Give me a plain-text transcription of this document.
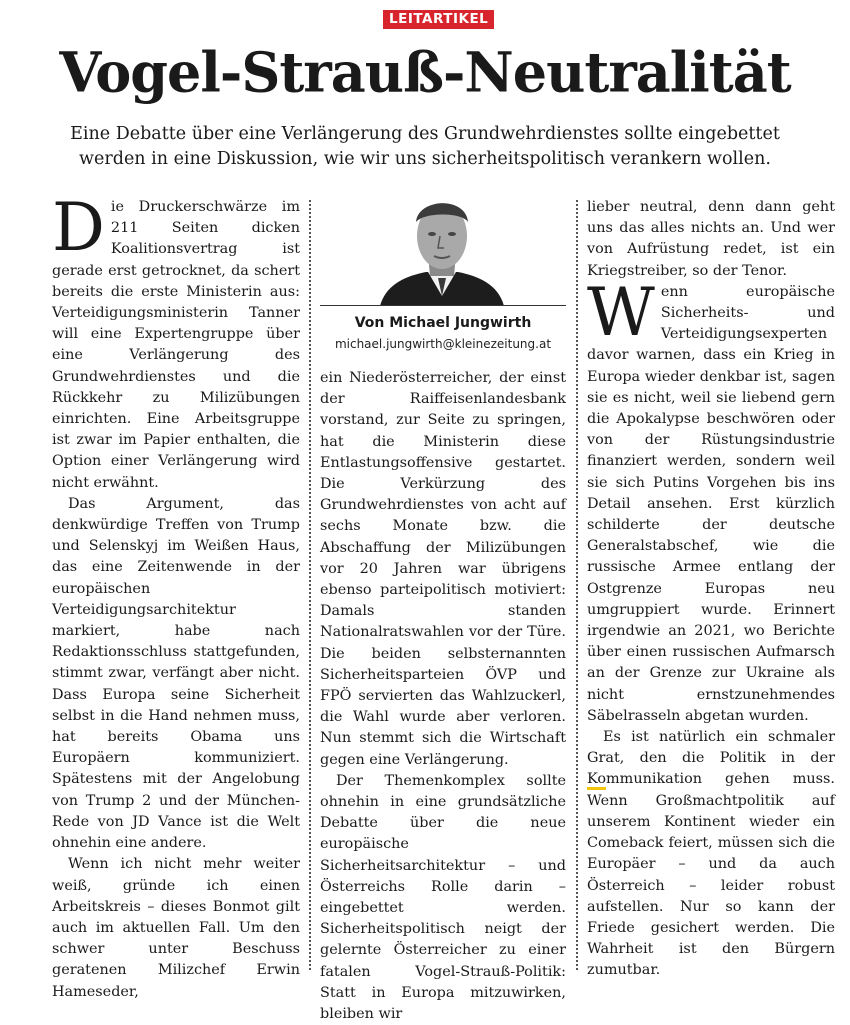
LEITARTIKEL
Vogel-Strauß-Neutralität

Eine Debatte über eine Verlängerung des Grundwehrdienstes sollte eingebettet werden in eine Diskussion, wie wir uns sicherheitspolitisch verankern wollen.

Die Druckerschwärze im 211 Seiten dicken Koalitionsvertrag ist gerade erst getrocknet, da schert bereits die erste Ministerin aus: Verteidigungsministerin Tanner will eine Expertengruppe über eine Verlängerung des Grundwehrdienstes und die Rückkehr zu Milizübungen einrichten. Eine Arbeitsgruppe ist zwar im Papier enthalten, die Option einer Verlängerung wird nicht erwähnt.

Das Argument, das denkwürdige Treffen von Trump und Selenskyj im Weißen Haus, das eine Zeitenwende in der europäischen Verteidigungsarchitektur markiert, habe nach Redaktionsschluss stattgefunden, stimmt zwar, verfängt aber nicht. Dass Europa seine Sicherheit selbst in die Hand nehmen muss, hat bereits Obama uns Europäern kommuniziert. Spätestens mit der Angelobung von Trump 2 und der München-Rede von JD Vance ist die Welt ohnehin eine andere.

Wenn ich nicht mehr weiter weiß, gründe ich einen Arbeitskreis – dieses Bonmot gilt auch im aktuellen Fall. Um den schwer unter Beschuss geratenen Milizchef Erwin Hameseder,

Von Michael Jungwirth
michael.jungwirth@kleinezeitung.at

ein Niederösterreicher, der einst der Raiffeisenlandesbank vorstand, zur Seite zu springen, hat die Ministerin diese Entlastungsoffensive gestartet. Die Verkürzung des Grundwehrdienstes von acht auf sechs Monate bzw. die Abschaffung der Milizübungen vor 20 Jahren war übrigens ebenso parteipolitisch motiviert: Damals standen Nationalratswahlen vor der Türe. Die beiden selbsternannten Sicherheitsparteien ÖVP und FPÖ servierten das Wahlzuckerl, die Wahl wurde aber verloren. Nun stemmt sich die Wirtschaft gegen eine Verlängerung.

Der Themenkomplex sollte ohnehin in eine grundsätzliche Debatte über die neue europäische Sicherheitsarchitektur – und Österreichs Rolle darin – eingebettet werden. Sicherheitspolitisch neigt der gelernte Österreicher zu einer fatalen Vogel-Strauß-Politik: Statt in Europa mitzuwirken, bleiben wir

lieber neutral, denn dann geht uns das alles nichts an. Und wer von Aufrüstung redet, ist ein Kriegstreiber, so der Tenor.

Wenn europäische Sicherheits- und Verteidigungsexperten davor warnen, dass ein Krieg in Europa wieder denkbar ist, sagen sie es nicht, weil sie liebend gern die Apokalypse beschwören oder von der Rüstungsindustrie finanziert werden, sondern weil sie sich Putins Vorgehen bis ins Detail ansehen. Erst kürzlich schilderte der deutsche Generalstabschef, wie die russische Armee entlang der Ostgrenze Europas neu umgruppiert wurde. Erinnert irgendwie an 2021, wo Berichte über einen russischen Aufmarsch an der Grenze zur Ukraine als nicht ernstzunehmendes Säbelrasseln abgetan wurden.

Es ist natürlich ein schmaler Grat, den die Politik in der Kommunikation gehen muss. Wenn Großmachtpolitik auf unserem Kontinent wieder ein Comeback feiert, müssen sich die Europäer – und da auch Österreich – leider robust aufstellen. Nur so kann der Friede gesichert werden. Die Wahrheit ist den Bürgern zumutbar.
